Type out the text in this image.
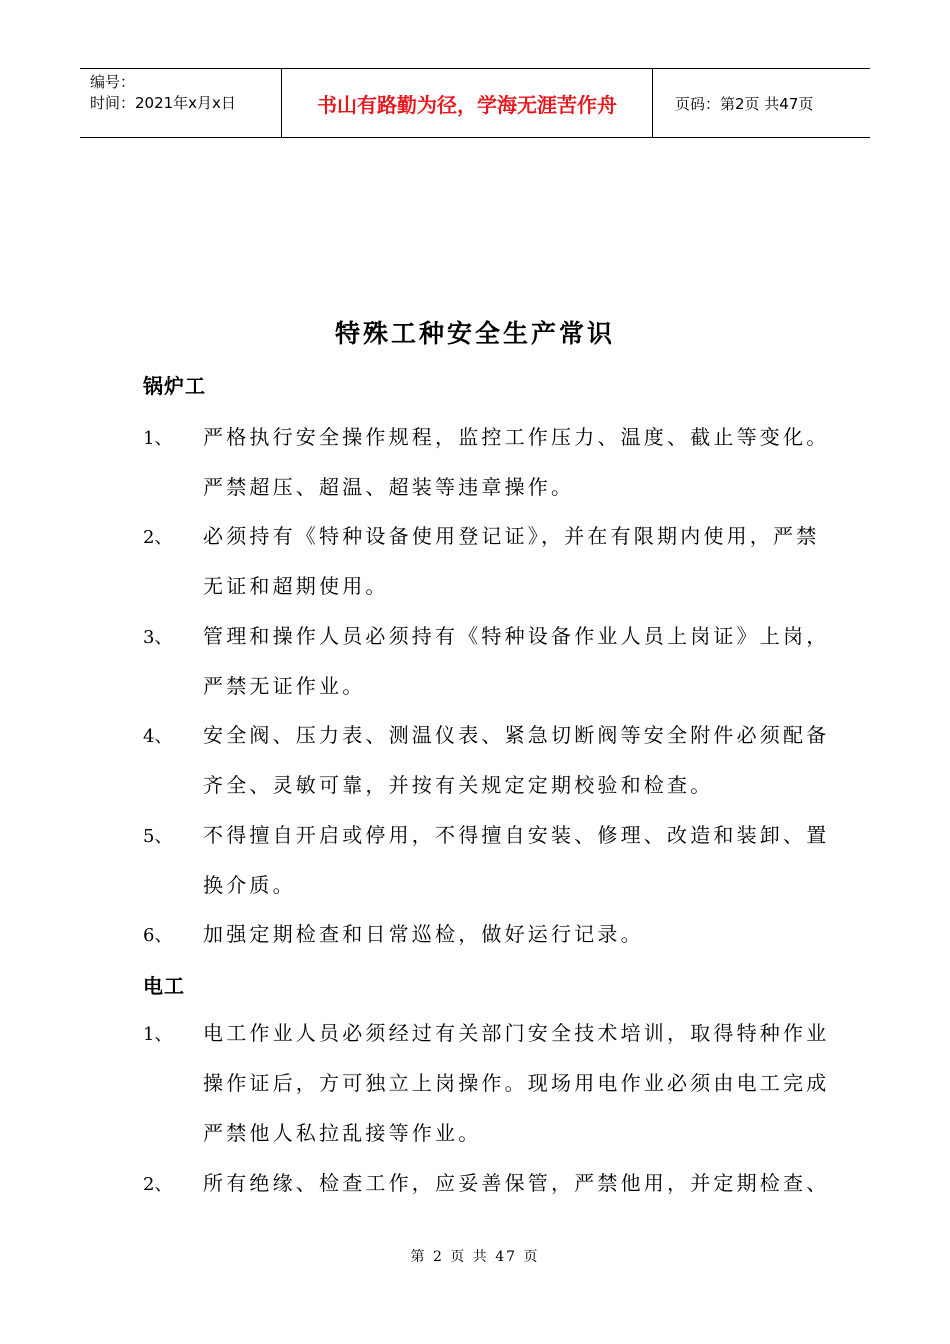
编号：
时间：2021年x月x日	书山有路勤为径，学海无涯苦作舟	页码：第2页 共47页
特殊工种安全生产常识
锅炉工
1、 严格执行安全操作规程，监控工作压力、温度、截止等变化。
严禁超压、超温、超装等违章操作。
2、 必须持有《特种设备使用登记证》，并在有限期内使用，严禁
无证和超期使用。
3、 管理和操作人员必须持有《特种设备作业人员上岗证》上岗，
严禁无证作业。
4、 安全阀、压力表、测温仪表、紧急切断阀等安全附件必须配备
齐全、灵敏可靠，并按有关规定定期校验和检查。
5、 不得擅自开启或停用，不得擅自安装、修理、改造和装卸、置
换介质。
6、 加强定期检查和日常巡检，做好运行记录。
电工
1、 电工作业人员必须经过有关部门安全技术培训，取得特种作业
操作证后，方可独立上岗操作。现场用电作业必须由电工完成
严禁他人私拉乱接等作业。
2、 所有绝缘、检查工作，应妥善保管，严禁他用，并定期检查、
第 2 页 共 47 页
